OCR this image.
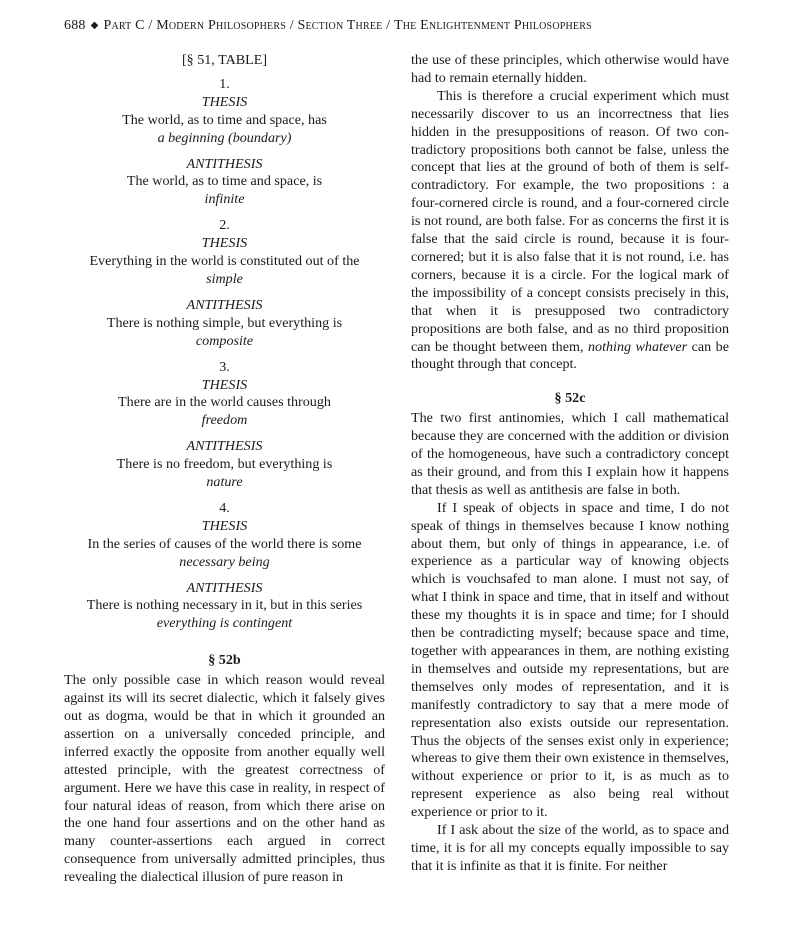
688 ◆ Part C / Modern Philosophers / Section Three / The Enlightenment Philosophers
[§ 51, TABLE]
1.
THESIS
The world, as to time and space, has
a beginning (boundary)
ANTITHESIS
The world, as to time and space, is
infinite
2.
THESIS
Everything in the world is constituted out of the
simple
ANTITHESIS
There is nothing simple, but everything is
composite
3.
THESIS
There are in the world causes through
freedom
ANTITHESIS
There is no freedom, but everything is
nature
4.
THESIS
In the series of causes of the world there is some
necessary being
ANTITHESIS
There is nothing necessary in it, but in this series
everything is contingent
§ 52b

The only possible case in which reason would reveal against its will its secret dialectic, which it falsely gives out as dogma, would be that in which it grounded an assertion on a universally conceded principle, and inferred exactly the opposite from another equally well attested principle, with the greatest correctness of argument. Here we have this case in reality, in respect of four natural ideas of reason, from which there arise on the one hand four assertions and on the other hand as many counter-assertions each argued in correct consequence from universally admitted principles, thus revealing the dialectical illusion of pure reason in

the use of these principles, which otherwise would have had to remain eternally hidden.

This is therefore a crucial experiment which must necessarily discover to us an incorrectness that lies hidden in the presuppositions of reason. Of two contradictory propositions both cannot be false, unless the concept that lies at the ground of both of them is self-contradictory. For example, the two propositions : a four-cornered circle is round, and a four-cornered circle is not round, are both false. For as concerns the first it is false that the said circle is round, because it is four-cornered; but it is also false that it is not round, i.e. has corners, because it is a circle. For the logical mark of the impossibility of a concept consists precisely in this, that when it is presupposed two contradictory propositions are both false, and as no third proposition can be thought between them, nothing whatever can be thought through that concept.

§ 52c

The two first antinomies, which I call mathematical because they are concerned with the addition or division of the homogeneous, have such a contradictory concept as their ground, and from this I explain how it happens that thesis as well as antithesis are false in both.

If I speak of objects in space and time, I do not speak of things in themselves because I know nothing about them, but only of things in appearance, i.e. of experience as a particular way of knowing objects which is vouchsafed to man alone. I must not say, of what I think in space and time, that in itself and without these my thoughts it is in space and time; for I should then be contradicting myself; because space and time, together with appearances in them, are nothing existing in themselves and outside my representations, but are themselves only modes of representation, and it is manifestly contradictory to say that a mere mode of representation also exists outside our representation. Thus the objects of the senses exist only in experience; whereas to give them their own existence in themselves, without experience or prior to it, is as much as to represent experience as also being real without experience or prior to it.

If I ask about the size of the world, as to space and time, it is for all my concepts equally impossible to say that it is infinite as that it is finite. For neither
